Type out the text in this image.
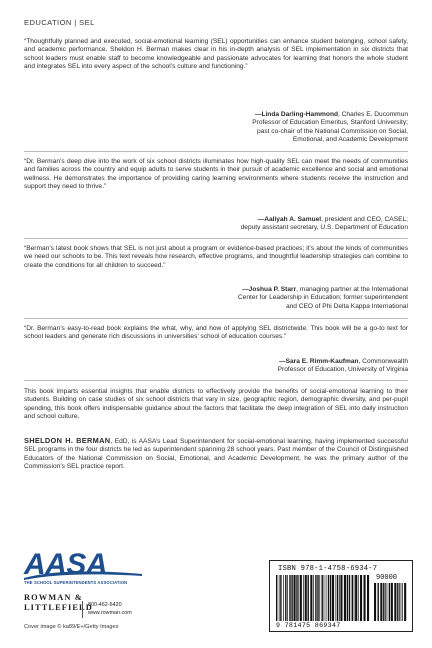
EDUCATION | SEL

“Thoughtfully planned and executed, social-emotional learning (SEL) opportunities can enhance student belonging, school safety, and academic performance. Sheldon H. Berman makes clear in his in-depth analysis of SEL implementation in six districts that school leaders must enable staff to become knowledgeable and passionate advocates for learning that honors the whole student and integrates SEL into every aspect of the school’s culture and functioning.”

—Linda Darling-Hammond, Charles E. Ducommun
Professor of Education Emeritus, Stanford University;
past co-chair of the National Commission on Social,
Emotional, and Academic Development

“Dr. Berman’s deep dive into the work of six school districts illuminates how high-quality SEL can meet the needs of communities and families across the country and equip adults to serve students in their pursuit of academic excellence and social and emotional wellness. He demonstrates the importance of providing caring learning environments where students receive the instruction and support they need to thrive.”

—Aaliyah A. Samuel, president and CEO, CASEL;
deputy assistant secretary, U.S. Department of Education

“Berman’s latest book shows that SEL is not just about a program or evidence-based practices; it’s about the kinds of communities we need our schools to be. This text reveals how research, effective programs, and thoughtful leadership strategies can combine to create the conditions for all children to succeed.”

—Joshua P. Starr, managing partner at the International
Center for Leadership in Education; former superintendent
and CEO of Phi Delta Kappa International

“Dr. Berman’s easy-to-read book explains the what, why, and how of applying SEL districtwide. This book will be a go-to text for school leaders and generate rich discussions in universities’ school of education courses.”

—Sara E. Rimm-Kaufman, Commonwealth
Professor of Education, University of Virginia

This book imparts essential insights that enable districts to effectively provide the benefits of social-emotional learning to their students. Building on case studies of six school districts that vary in size, geographic region, demographic diversity, and per-pupil spending, this book offers indispensable guidance about the factors that facilitate the deep integration of SEL into daily instruction and school culture.

SHELDON H. BERMAN, EdD, is AASA’s Lead Superintendent for social-emotional learning, having implemented successful SEL programs in the four districts he led as superintendent spanning 28 school years. Past member of the Council of Distinguished Educators of the National Commission on Social, Emotional, and Academic Development, he was the primary author of the Commission’s SEL practice report.

AASA
THE SCHOOL SUPERINTENDENTS ASSOCIATION
ROWMAN &
LITTLEFIELD
800-462-6420
www.rowman.com
Cover image © ka89/E+/Getty Images
ISBN 978-1-4758-6934-7
90000
9 781475 869347
